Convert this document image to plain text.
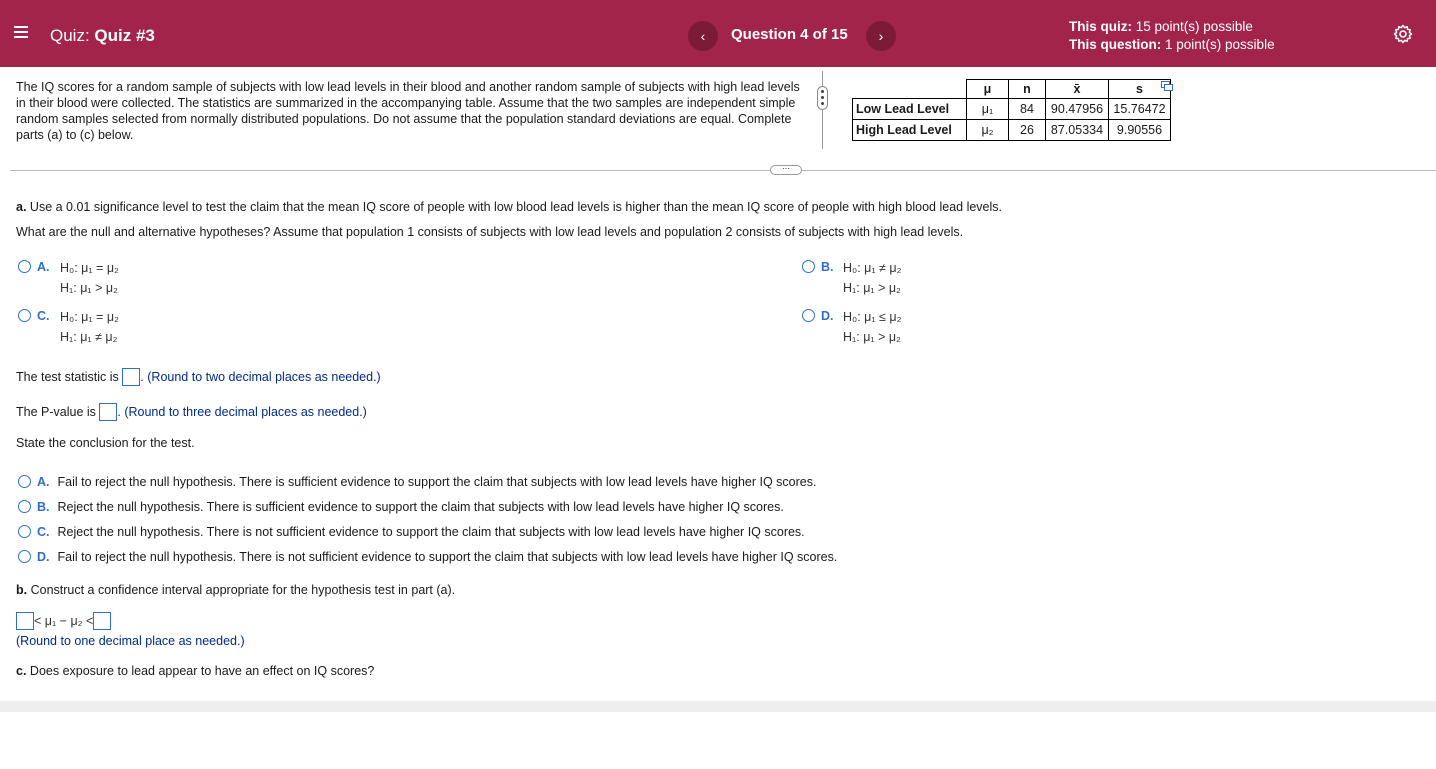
Quiz: Quiz #3	‹	Question 4 of 15	›
This quiz: 15 point(s) possible
This question: 1 point(s) possible
The IQ scores for a random sample of subjects with low lead levels in their blood and another random sample of subjects with high lead levels in their blood were collected. The statistics are summarized in the accompanying table. Assume that the two samples are independent simple random samples selected from normally distributed populations. Do not assume that the population standard deviations are equal. Complete parts (a) to (c) below.
	μ	n	x̄	s
Low Lead Level	μ₁	84	90.47956	15.76472
High Lead Level	μ₂	26	87.05334	9.90556
⋯
a. Use a 0.01 significance level to test the claim that the mean IQ score of people with low blood lead levels is higher than the mean IQ score of people with high blood lead levels.
What are the null and alternative hypotheses? Assume that population 1 consists of subjects with low lead levels and population 2 consists of subjects with high lead levels.
A. H₀: μ₁ = μ₂
H₁: μ₁ > μ₂
B. H₀: μ₁ ≠ μ₂
H₁: μ₁ > μ₂
C. H₀: μ₁ = μ₂
H₁: μ₁ ≠ μ₂
D. H₀: μ₁ ≤ μ₂
H₁: μ₁ > μ₂
The test statistic is . (Round to two decimal places as needed.)
The P-value is . (Round to three decimal places as needed.)
State the conclusion for the test.
A. Fail to reject the null hypothesis. There is sufficient evidence to support the claim that subjects with low lead levels have higher IQ scores.
B. Reject the null hypothesis. There is sufficient evidence to support the claim that subjects with low lead levels have higher IQ scores.
C. Reject the null hypothesis. There is not sufficient evidence to support the claim that subjects with low lead levels have higher IQ scores.
D. Fail to reject the null hypothesis. There is not sufficient evidence to support the claim that subjects with low lead levels have higher IQ scores.
b. Construct a confidence interval appropriate for the hypothesis test in part (a).
< μ₁ − μ₂ <
(Round to one decimal place as needed.)
c. Does exposure to lead appear to have an effect on IQ scores?
